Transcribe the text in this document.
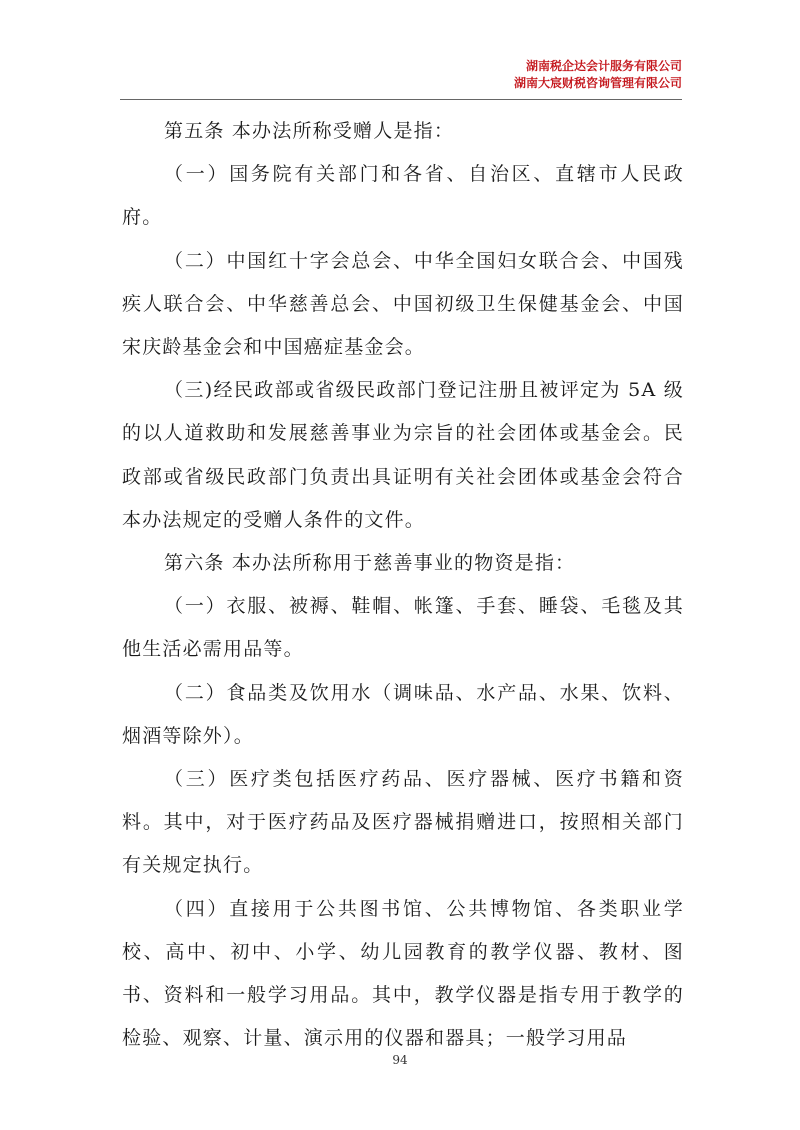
湖南税企达会计服务有限公司
湖南大宸财税咨询管理有限公司

第五条 本办法所称受赠人是指：

（一）国务院有关部门和各省、自治区、直辖市人民政府。

（二）中国红十字会总会、中华全国妇女联合会、中国残疾人联合会、中华慈善总会、中国初级卫生保健基金会、中国宋庆龄基金会和中国癌症基金会。

（三)经民政部或省级民政部门登记注册且被评定为 5A 级的以人道救助和发展慈善事业为宗旨的社会团体或基金会。民政部或省级民政部门负责出具证明有关社会团体或基金会符合本办法规定的受赠人条件的文件。

第六条 本办法所称用于慈善事业的物资是指：

（一）衣服、被褥、鞋帽、帐篷、手套、睡袋、毛毯及其他生活必需用品等。

（二）食品类及饮用水（调味品、水产品、水果、饮料、烟酒等除外）。

（三）医疗类包括医疗药品、医疗器械、医疗书籍和资料。其中，对于医疗药品及医疗器械捐赠进口，按照相关部门有关规定执行。

（四）直接用于公共图书馆、公共博物馆、各类职业学校、高中、初中、小学、幼儿园教育的教学仪器、教材、图书、资料和一般学习用品。其中，教学仪器是指专用于教学的检验、观察、计量、演示用的仪器和器具；一般学习用品

94
